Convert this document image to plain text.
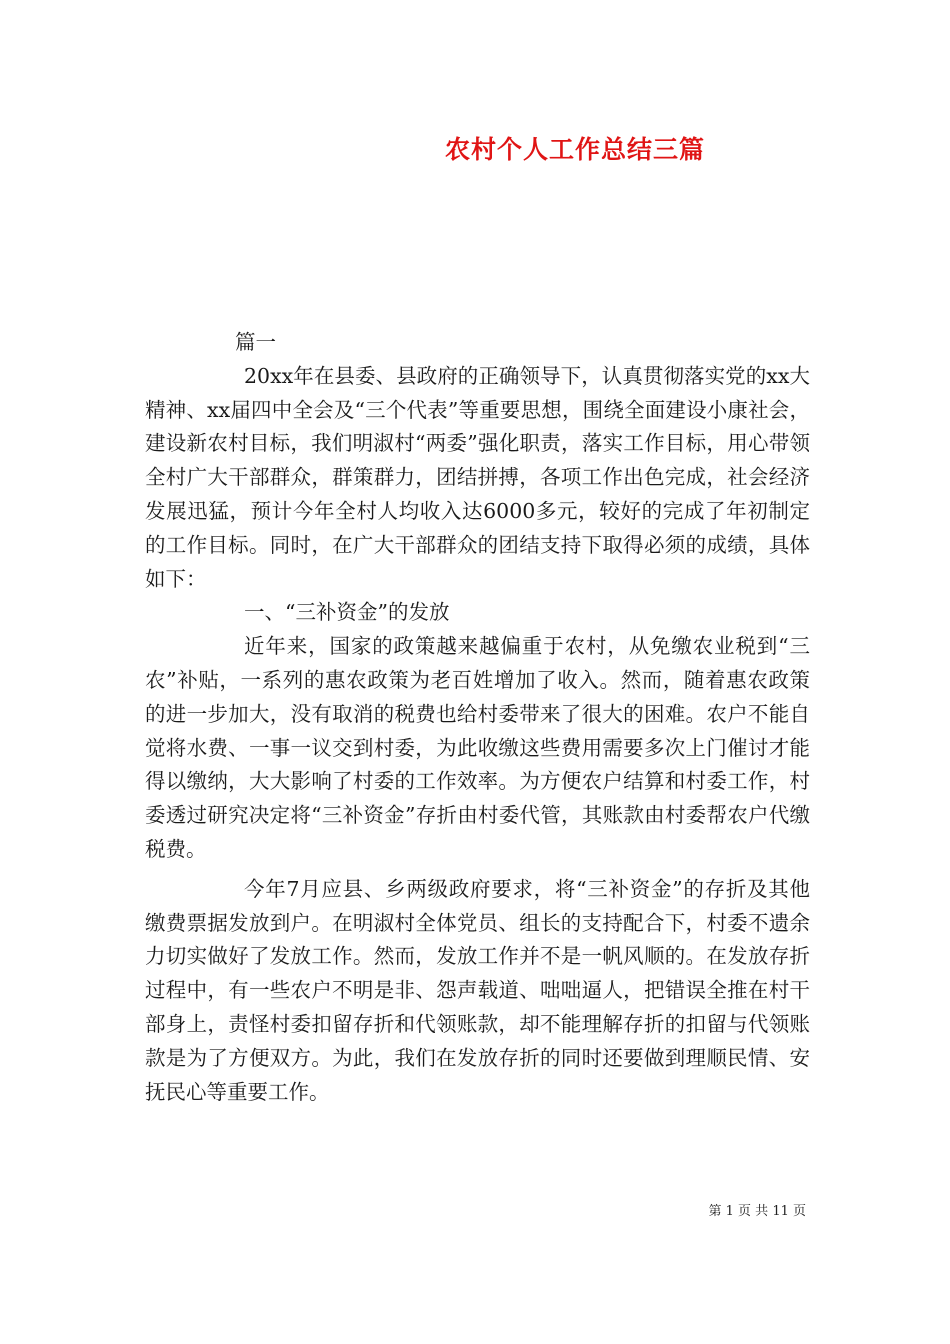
农村个人工作总结三篇

篇一

20xx年在县委、县政府的正确领导下，认真贯彻落实党的xx大精神、xx届四中全会及“三个代表”等重要思想，围绕全面建设小康社会，建设新农村目标，我们明淑村“两委”强化职责，落实工作目标，用心带领全村广大干部群众，群策群力，团结拼搏，各项工作出色完成，社会经济发展迅猛，预计今年全村人均收入达6000多元，较好的完成了年初制定的工作目标。同时，在广大干部群众的团结支持下取得必须的成绩，具体如下：

一、“三补资金”的发放

近年来，国家的政策越来越偏重于农村，从免缴农业税到“三农”补贴，一系列的惠农政策为老百姓增加了收入。然而，随着惠农政策的进一步加大，没有取消的税费也给村委带来了很大的困难。农户不能自觉将水费、一事一议交到村委，为此收缴这些费用需要多次上门催讨才能得以缴纳，大大影响了村委的工作效率。为方便农户结算和村委工作，村委透过研究决定将“三补资金”存折由村委代管，其账款由村委帮农户代缴税费。

今年7月应县、乡两级政府要求，将“三补资金”的存折及其他缴费票据发放到户。在明淑村全体党员、组长的支持配合下，村委不遗余力切实做好了发放工作。然而，发放工作并不是一帆风顺的。在发放存折过程中，有一些农户不明是非、怨声载道、咄咄逼人，把错误全推在村干部身上，责怪村委扣留存折和代领账款，却不能理解存折的扣留与代领账款是为了方便双方。为此，我们在发放存折的同时还要做到理顺民情、安抚民心等重要工作。

第 1 页 共 11 页
